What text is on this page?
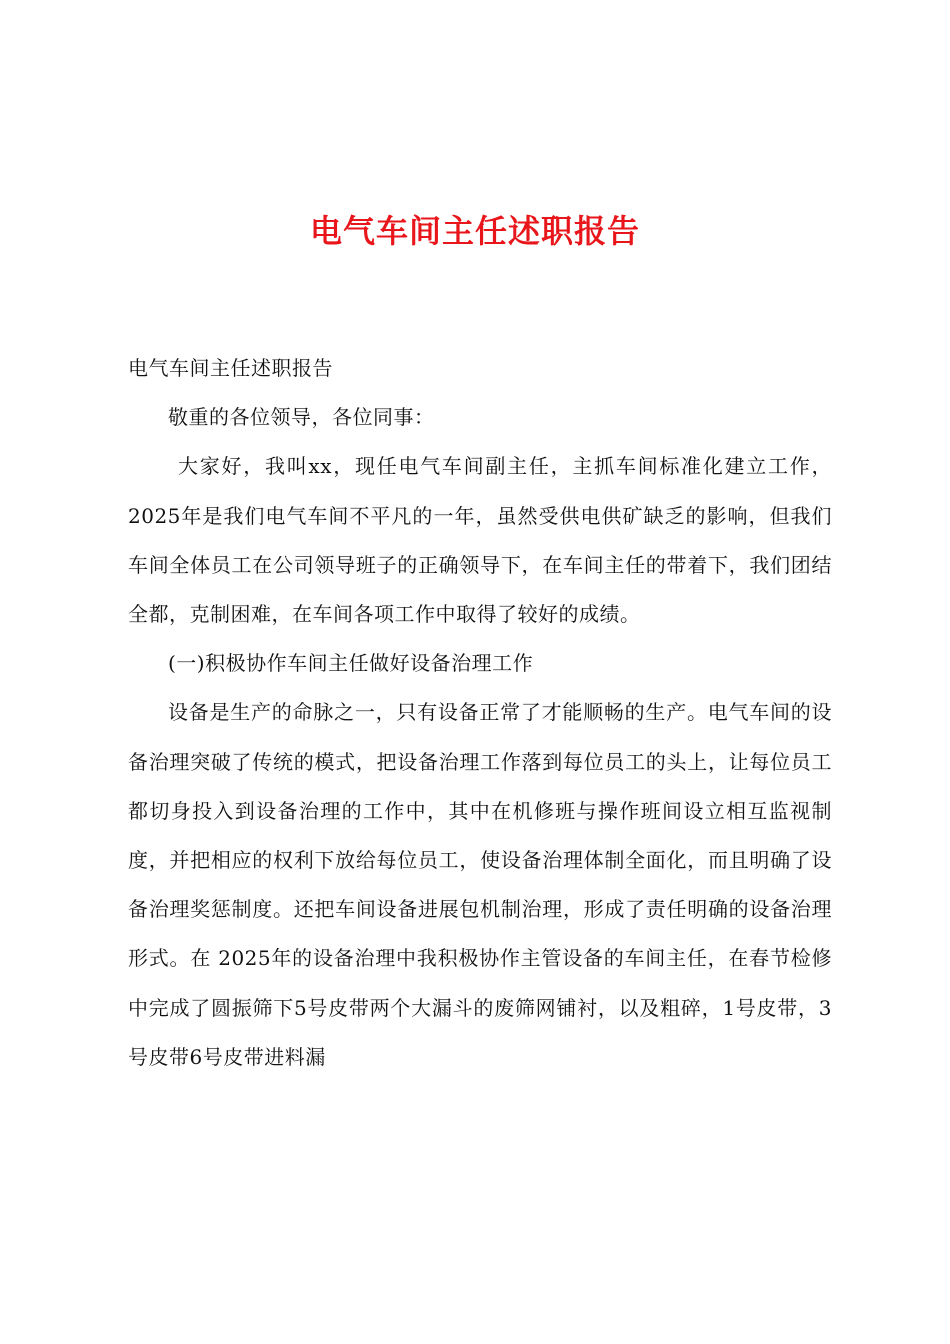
电气车间主任述职报告

电气车间主任述职报告

敬重的各位领导，各位同事：

大家好，我叫xx，现任电气车间副主任，主抓车间标准化建立工作，2025年是我们电气车间不平凡的一年，虽然受供电供矿缺乏的影响，但我们车间全体员工在公司领导班子的正确领导下，在车间主任的带着下，我们团结全都，克制困难，在车间各项工作中取得了较好的成绩。

(一)积极协作车间主任做好设备治理工作

设备是生产的命脉之一，只有设备正常了才能顺畅的生产。电气车间的设备治理突破了传统的模式，把设备治理工作落到每位员工的头上，让每位员工都切身投入到设备治理的工作中，其中在机修班与操作班间设立相互监视制度，并把相应的权利下放给每位员工，使设备治理体制全面化，而且明确了设备治理奖惩制度。还把车间设备进展包机制治理，形成了责任明确的设备治理形式。在 2025年的设备治理中我积极协作主管设备的车间主任，在春节检修中完成了圆振筛下5号皮带两个大漏斗的废筛网铺衬，以及粗碎，1号皮带，3号皮带6号皮带进料漏
